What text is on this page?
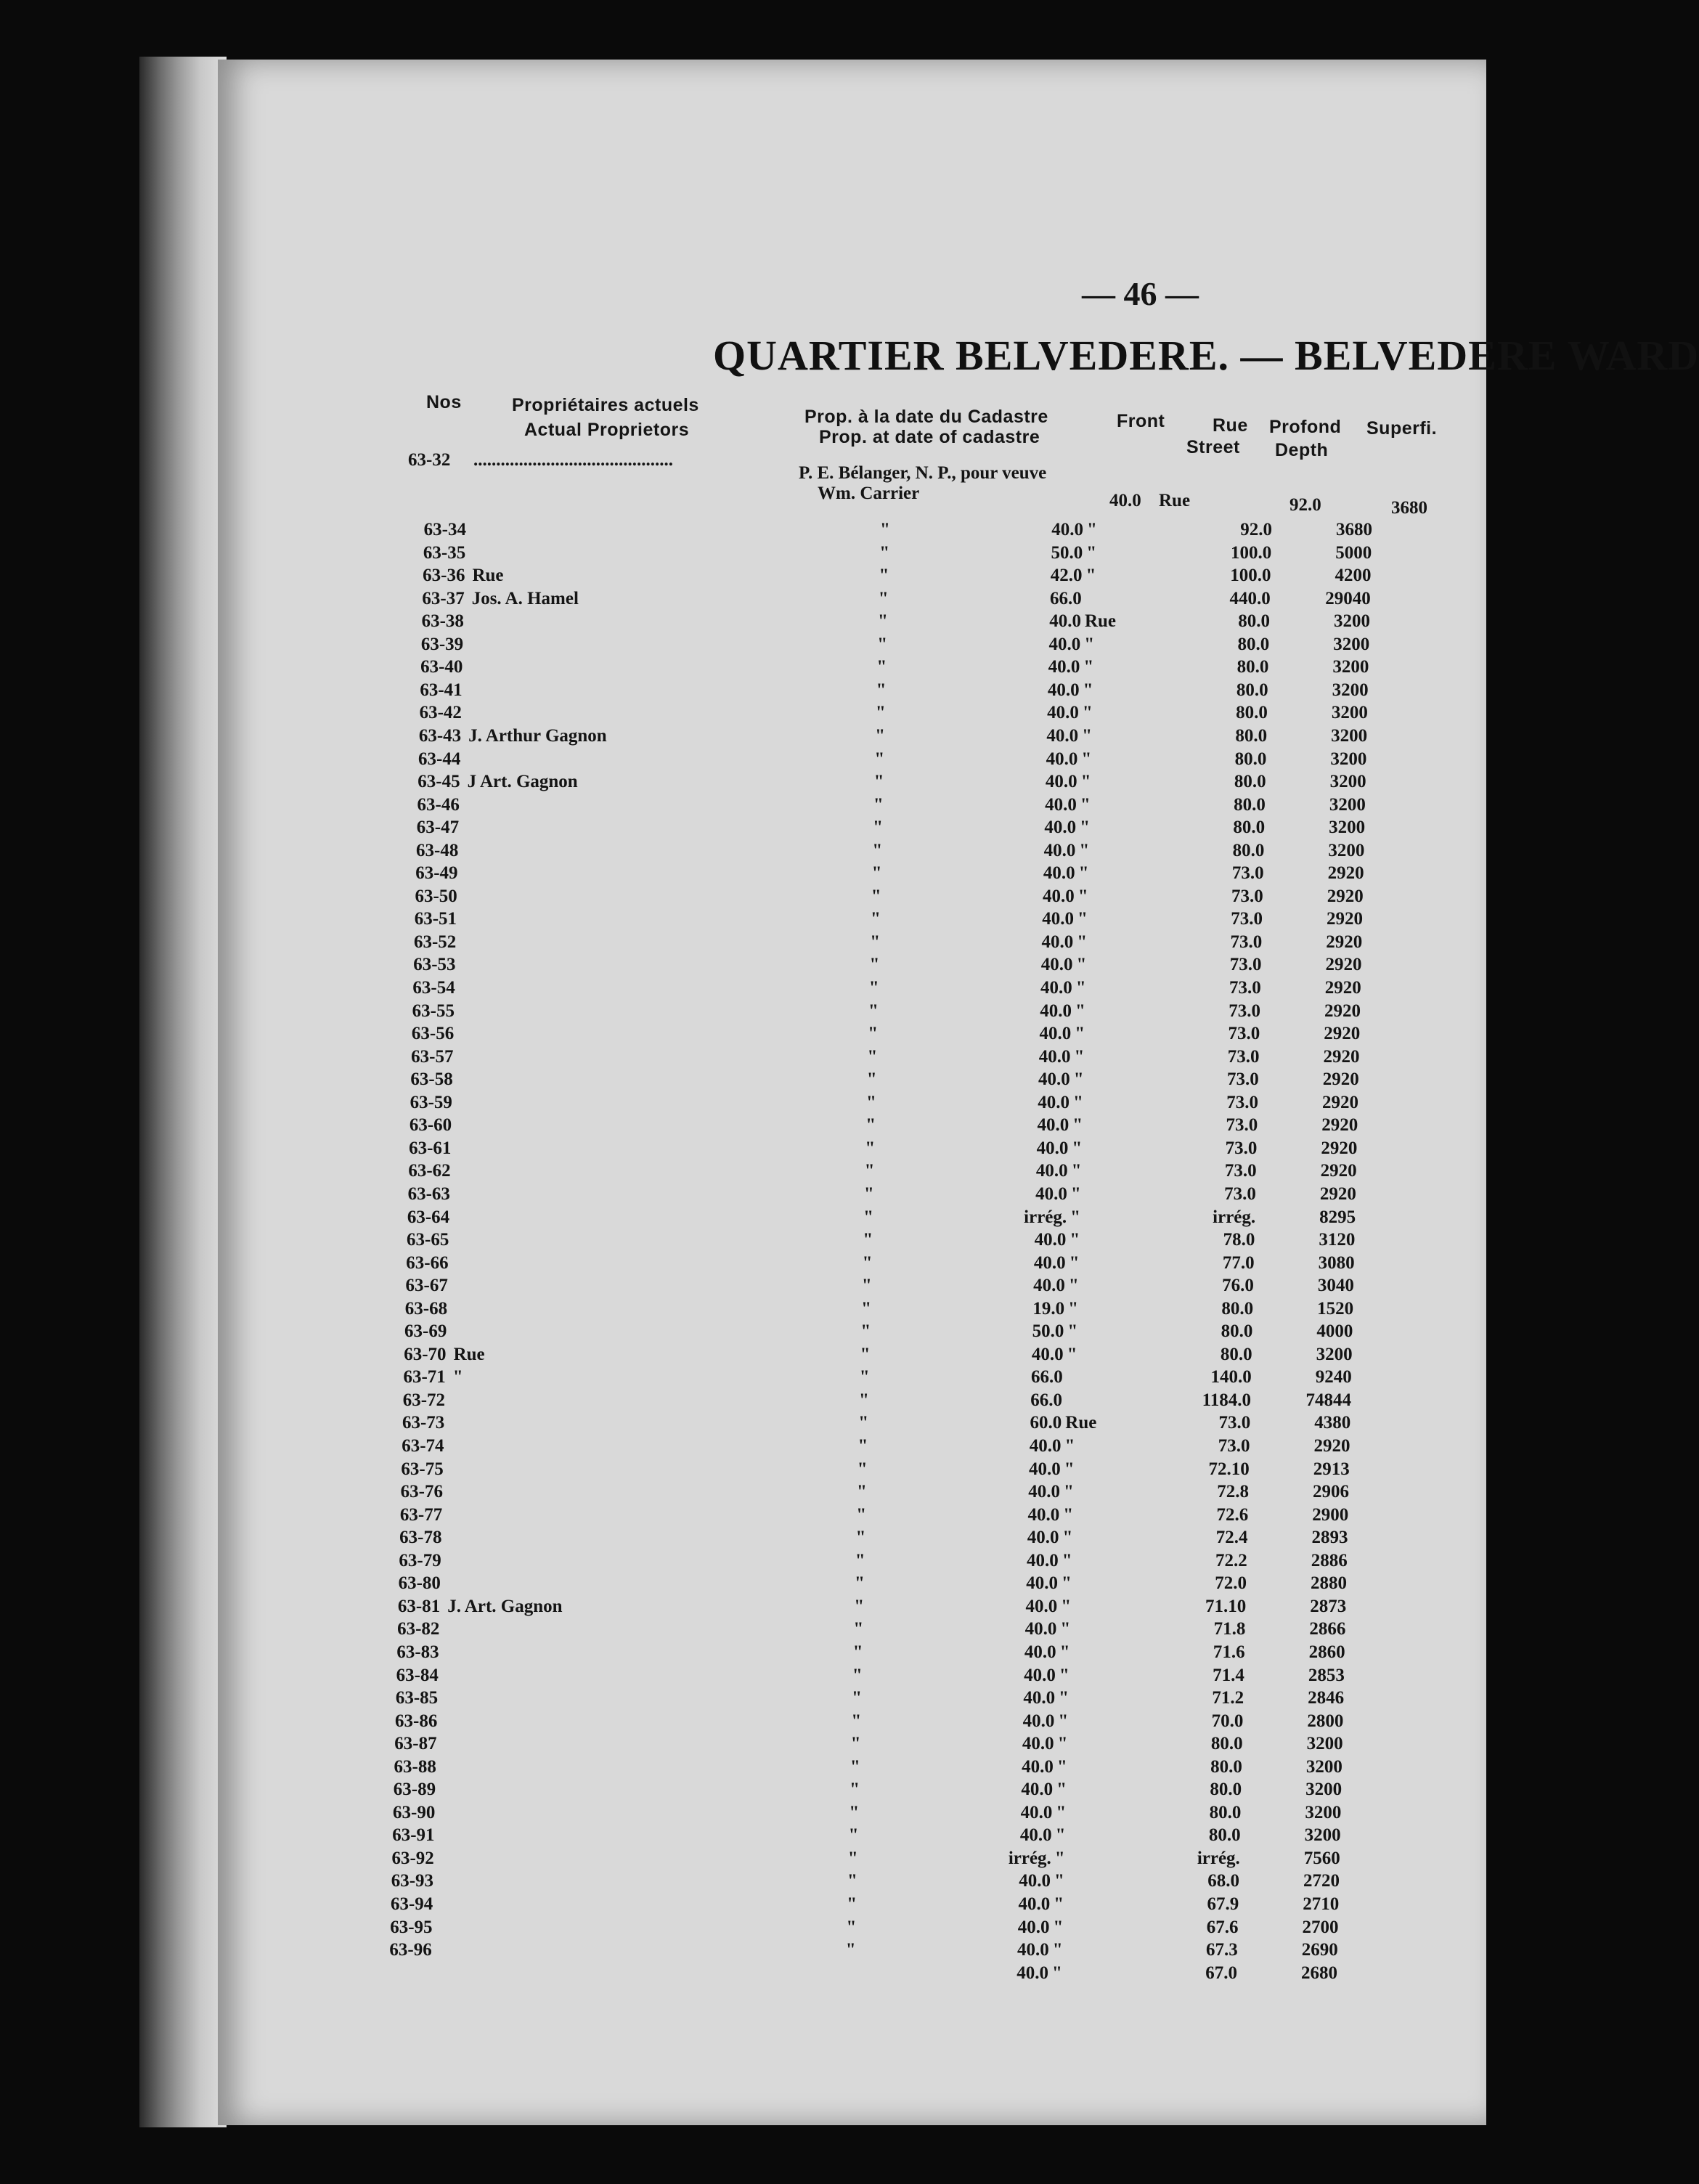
— 46 —
QUARTIER BELVEDERE. — BELVEDERE WARD
Nos	Propriétaires actuels
Actual Proprietors
Prop. à la date du Cadastre
Prop. at date of cadastre
Front	Rue
Street
Profond
Depth
Superfi.
63-32 ............................................
P. E. Bélanger, N. P., pour veuve
Wm. Carrier	40.0 Rue	92.0	3680
63-34	"	40.0 "	92.0	3680
63-35	"	50.0 "	100.0	5000
63-36 Rue	"	42.0 "	100.0	4200
63-37 Jos. A. Hamel	"	66.0	440.0	29040
63-38	"	40.0 Rue	80.0	3200
63-39	"	40.0 "	80.0	3200
63-40	"	40.0 "	80.0	3200
63-41	"	40.0 "	80.0	3200
63-42	"	40.0 "	80.0	3200
63-43 J. Arthur Gagnon	"	40.0 "	80.0	3200
63-44	"	40.0 "	80.0	3200
63-45 J Art. Gagnon	"	40.0 "	80.0	3200
63-46	"	40.0 "	80.0	3200
63-47	"	40.0 "	80.0	3200
63-48	"	40.0 "	80.0	3200
63-49	"	40.0 "	73.0	2920
63-50	"	40.0 "	73.0	2920
63-51	"	40.0 "	73.0	2920
63-52	"	40.0 "	73.0	2920
63-53	"	40.0 "	73.0	2920
63-54	"	40.0 "	73.0	2920
63-55	"	40.0 "	73.0	2920
63-56	"	40.0 "	73.0	2920
63-57	"	40.0 "	73.0	2920
63-58	"	40.0 "	73.0	2920
63-59	"	40.0 "	73.0	2920
63-60	"	40.0 "	73.0	2920
63-61	"	40.0 "	73.0	2920
63-62	"	40.0 "	73.0	2920
63-63	"	40.0 "	73.0	2920
63-64	"	irrég. "	irrég.	8295
63-65	"	40.0 "	78.0	3120
63-66	"	40.0 "	77.0	3080
63-67	"	40.0 "	76.0	3040
63-68	"	19.0 "	80.0	1520
63-69	"	50.0 "	80.0	4000
63-70 Rue	"	40.0 "	80.0	3200
63-71 "	"	66.0	140.0	9240
63-72	"	66.0	1184.0	74844
63-73	"	60.0 Rue	73.0	4380
63-74	"	40.0 "	73.0	2920
63-75	"	40.0 "	72.10	2913
63-76	"	40.0 "	72.8	2906
63-77	"	40.0 "	72.6	2900
63-78	"	40.0 "	72.4	2893
63-79	"	40.0 "	72.2	2886
63-80	"	40.0 "	72.0	2880
63-81 J. Art. Gagnon	"	40.0 "	71.10	2873
63-82	"	40.0 "	71.8	2866
63-83	"	40.0 "	71.6	2860
63-84	"	40.0 "	71.4	2853
63-85	"	40.0 "	71.2	2846
63-86	"	40.0 "	70.0	2800
63-87	"	40.0 "	80.0	3200
63-88	"	40.0 "	80.0	3200
63-89	"	40.0 "	80.0	3200
63-90	"	40.0 "	80.0	3200
63-91	"	40.0 "	80.0	3200
63-92	"	irrég. "	irrég.	7560
63-93	"	40.0 "	68.0	2720
63-94	"	40.0 "	67.9	2710
63-95	"	40.0 "	67.6	2700
63-96	"	40.0 "	67.3	2690
40.0 "	67.0	2680
